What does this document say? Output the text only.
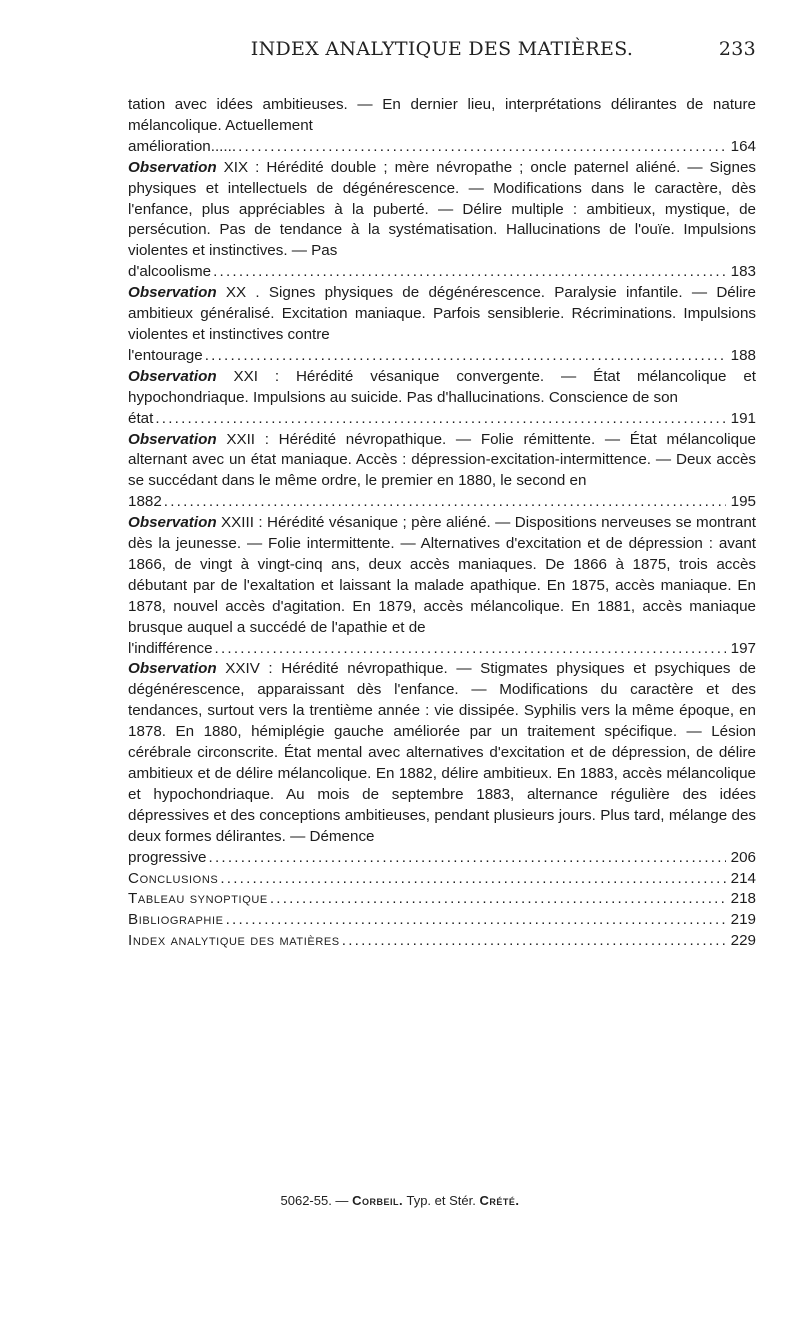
INDEX ANALYTIQUE DES MATIÈRES.	233
tation avec idées ambitieuses. — En dernier lieu, interprétations délirantes de nature mélancolique. Actuellement
amélioration...... . . .	164
Observation XIX : Hérédité double ; mère névropathe ; oncle paternel aliéné. — Signes physiques et intellectuels de dégénérescence. — Modifications dans le caractère, dès l'enfance, plus appréciables à la puberté. — Délire multiple : ambitieux, mystique, de persécution. Pas de tendance à la systématisation. Hallucinations de l'ouïe. Impulsions violentes et instinctives. — Pas
d'alcoolisme . . .	183
Observation XX . Signes physiques de dégénérescence. Paralysie infantile. — Délire ambitieux généralisé. Excitation maniaque. Parfois sensiblerie. Récriminations. Impulsions violentes et instinctives contre
l'entourage . . .	188
Observation XXI : Hérédité vésanique convergente. — État mélancolique et hypochondriaque. Impulsions au suicide. Pas d'hallucinations. Conscience de son
état . . .	191
Observation XXII : Hérédité névropathique. — Folie rémittente. — État mélancolique alternant avec un état maniaque. Accès : dépression-excitation-intermittence. — Deux accès se succédant dans le même ordre, le premier en 1880, le second en
1882 . . .	195
Observation XXIII : Hérédité vésanique ; père aliéné. — Dispositions nerveuses se montrant dès la jeunesse. — Folie intermittente. — Alternatives d'excitation et de dépression : avant 1866, de vingt à vingt-cinq ans, deux accès maniaques. De 1866 à 1875, trois accès débutant par de l'exaltation et laissant la malade apathique. En 1875, accès maniaque. En 1878, nouvel accès d'agitation. En 1879, accès mélancolique. En 1881, accès maniaque brusque auquel a succédé de l'apathie et de
l'indifférence . . .	197
Observation XXIV : Hérédité névropathique. — Stigmates physiques et psychiques de dégénérescence, apparaissant dès l'enfance. — Modifications du caractère et des tendances, surtout vers la trentième année : vie dissipée. Syphilis vers la même époque, en 1878. En 1880, hémiplégie gauche améliorée par un traitement spécifique. — Lésion cérébrale circonscrite. État mental avec alternatives d'excitation et de dépression, de délire ambitieux et de délire mélancolique. En 1882, délire ambitieux. En 1883, accès mélancolique et hypochondriaque. Au mois de septembre 1883, alternance régulière des idées dépressives et des conceptions ambitieuses, pendant plusieurs jours. Plus tard, mélange des deux formes délirantes. — Démence
progressive . . .	206
Conclusions . . .	214
Tableau synoptique . . .	218
Bibliographie . . .	219
Index analytique des matières . . .	229
5062-55. — Corbeil. Typ. et Stér. Crété.
